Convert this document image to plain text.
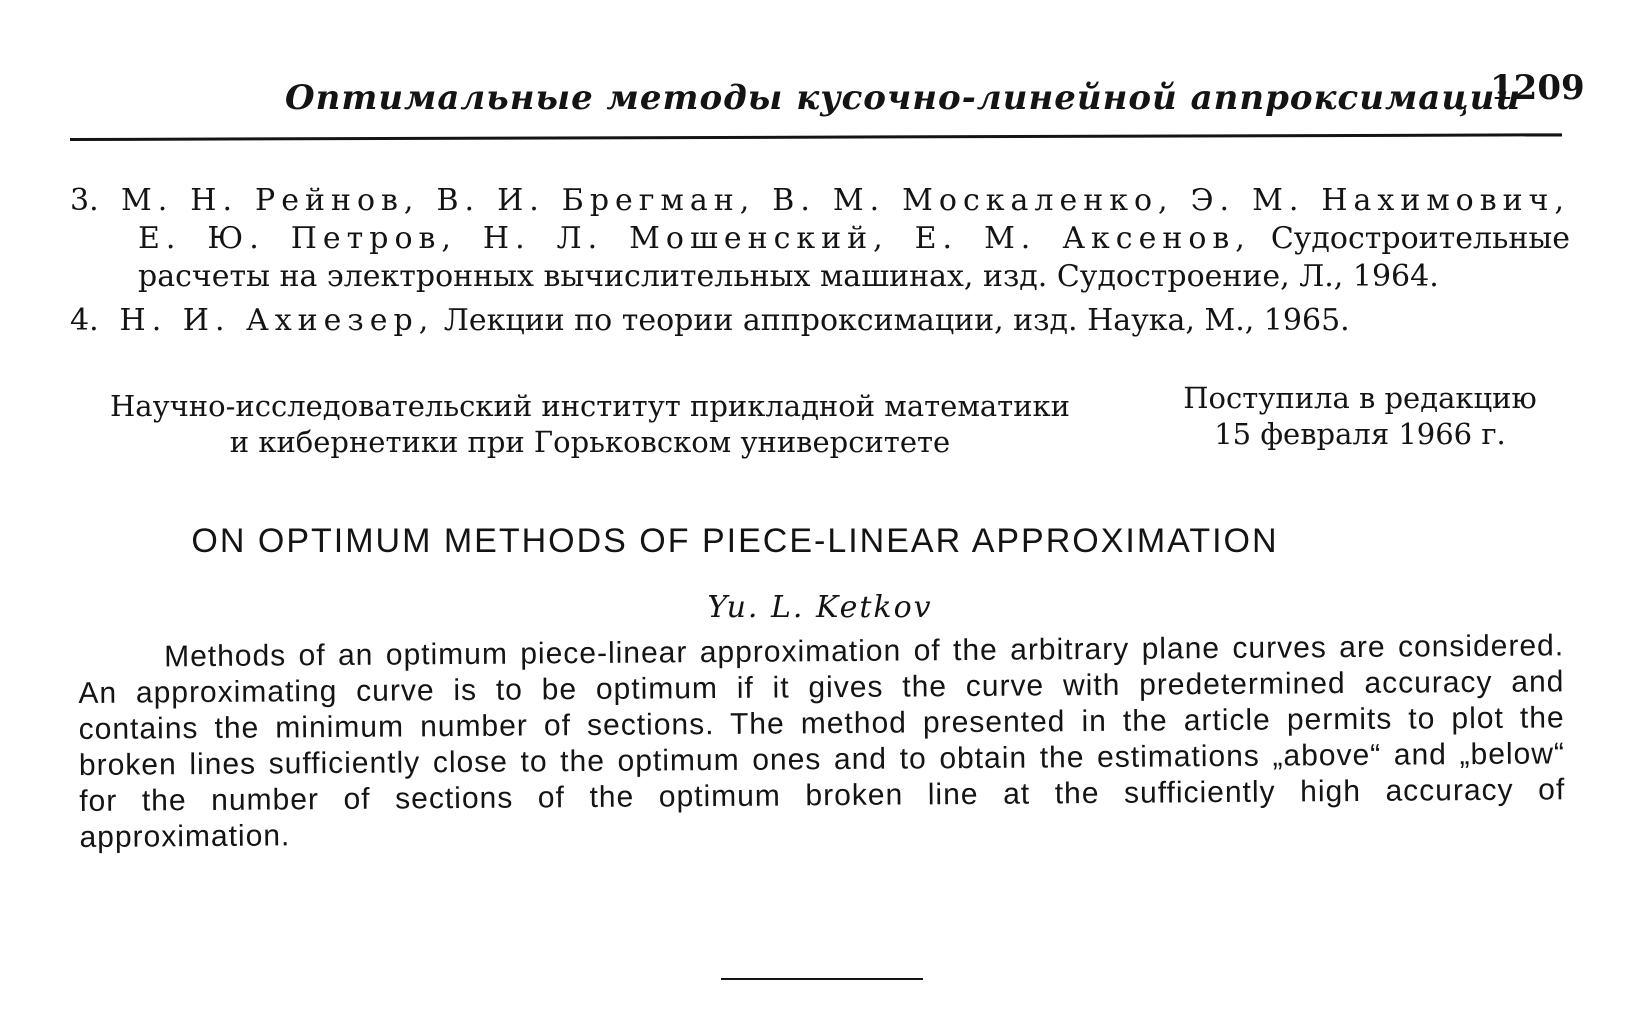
Оптимальные методы кусочно-линейной аппроксимации
1209

3. М. Н. Рейнов, В. И. Брегман, В. М. Москаленко, Э. М. Нахимович, Е. Ю. Петров, Н. Л. Мошенский, Е. М. Аксенов, Судостроительные расчеты на электронных вычислительных машинах, изд. Судостроение, Л., 1964.

4. Н. И. Ахиезер, Лекции по теории аппроксимации, изд. Наука, М., 1965.

Научно-исследовательский институт прикладной математики
и кибернетики при Горьковском университете
Поступила в редакцию
15 февраля 1966 г.
ON OPTIMUM METHODS OF PIECE-LINEAR APPROXIMATION
Yu. L. Ketkov
Methods of an optimum piece-linear approximation of the arbitrary plane curves are considered. An approximating curve is to be optimum if it gives the curve with predetermined accuracy and contains the minimum number of sections. The method presented in the article permits to plot the broken lines sufficiently close to the optimum ones and to obtain the estimations „above“ and „below“ for the number of sections of the optimum broken line at the sufficiently high accuracy of approximation.
